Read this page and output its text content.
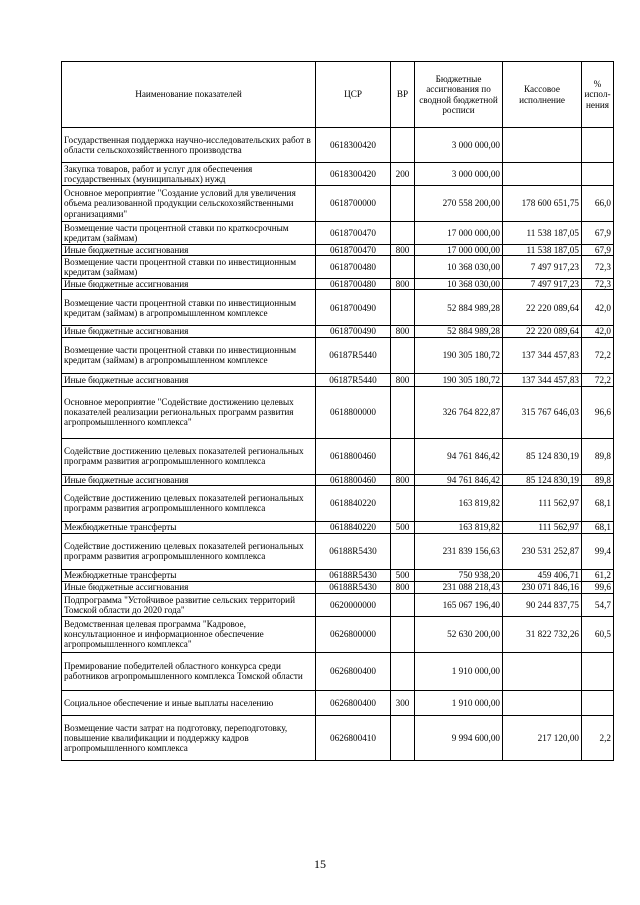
Наименование показателей	ЦСР	ВР	Бюджетные ассигнования по сводной бюджетной росписи	Кассовое исполнение	% испол-нения
Государственная поддержка научно-исследовательских работ в области сельскохозяйственного производства	0618300420		3 000 000,00		
Закупка товаров, работ и услуг для обеспечения государственных (муниципальных) нужд	0618300420	200	3 000 000,00		
Основное мероприятие "Создание условий для увеличения объема реализованной продукции сельскохозяйственными организациями"	0618700000		270 558 200,00	178 600 651,75	66,0
Возмещение части процентной ставки по краткосрочным кредитам (займам)	0618700470		17 000 000,00	11 538 187,05	67,9
Иные бюджетные ассигнования	0618700470	800	17 000 000,00	11 538 187,05	67,9
Возмещение части процентной ставки по инвестиционным кредитам (займам)	0618700480		10 368 030,00	7 497 917,23	72,3
Иные бюджетные ассигнования	0618700480	800	10 368 030,00	7 497 917,23	72,3
Возмещение части процентной ставки по инвестиционным кредитам (займам) в агропромышленном комплексе	0618700490		52 884 989,28	22 220 089,64	42,0
Иные бюджетные ассигнования	0618700490	800	52 884 989,28	22 220 089,64	42,0
Возмещение части процентной ставки по инвестиционным кредитам (займам) в агропромышленном комплексе	06187R5440		190 305 180,72	137 344 457,83	72,2
Иные бюджетные ассигнования	06187R5440	800	190 305 180,72	137 344 457,83	72,2
Основное мероприятие "Содействие достижению целевых показателей реализации региональных программ развития агропромышленного комплекса"	0618800000		326 764 822,87	315 767 646,03	96,6
Содействие достижению целевых показателей региональных программ развития агропромышленного комплекса	0618800460		94 761 846,42	85 124 830,19	89,8
Иные бюджетные ассигнования	0618800460	800	94 761 846,42	85 124 830,19	89,8
Содействие достижению целевых показателей региональных программ развития агропромышленного комплекса	0618840220		163 819,82	111 562,97	68,1
Межбюджетные трансферты	0618840220	500	163 819,82	111 562,97	68,1
Содействие достижению целевых показателей региональных программ развития агропромышленного комплекса	06188R5430		231 839 156,63	230 531 252,87	99,4
Межбюджетные трансферты	06188R5430	500	750 938,20	459 406,71	61,2
Иные бюджетные ассигнования	06188R5430	800	231 088 218,43	230 071 846,16	99,6
Подпрограмма "Устойчивое развитие сельских территорий Томской области до 2020 года"	0620000000		165 067 196,40	90 244 837,75	54,7
Ведомственная целевая программа "Кадровое, консультационное и информационное обеспечение агропромышленного комплекса"	0626800000		52 630 200,00	31 822 732,26	60,5
Премирование победителей областного конкурса среди работников агропромышленного комплекса Томской области	0626800400		1 910 000,00		
Социальное обеспечение и иные выплаты населению	0626800400	300	1 910 000,00		
Возмещение части затрат на подготовку, переподготовку, повышение квалификации и поддержку кадров агропромышленного комплекса	0626800410		9 994 600,00	217 120,00	2,2
15
